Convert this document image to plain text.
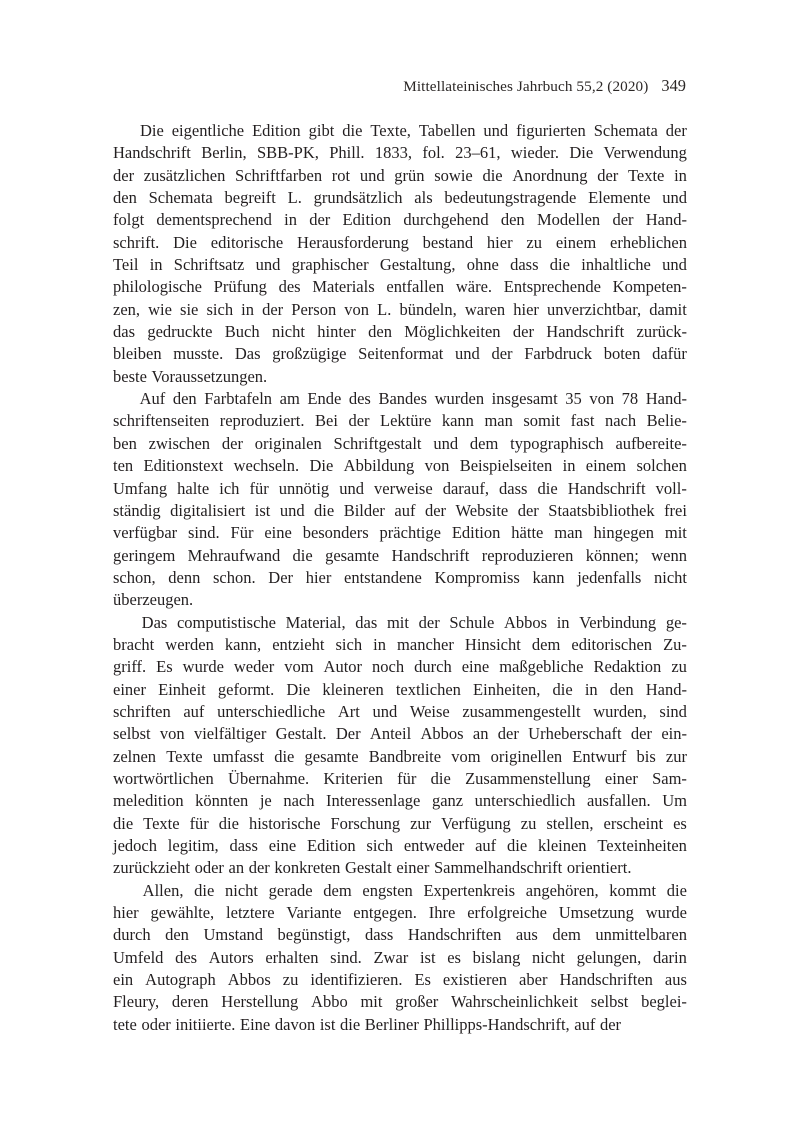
Mittellateinisches Jahrbuch 55,2 (2020) 349

Die eigentliche Edition gibt die Texte, Tabellen und figurierten Schemata der
Handschrift Berlin, SBB-PK, Phill. 1833, fol. 23–61, wieder. Die Verwendung
der zusätzlichen Schriftfarben rot und grün sowie die Anordnung der Texte in
den Schemata begreift L. grundsätzlich als bedeutungstragende Elemente und
folgt dementsprechend in der Edition durchgehend den Modellen der Hand-
schrift. Die editorische Herausforderung bestand hier zu einem erheblichen
Teil in Schriftsatz und graphischer Gestaltung, ohne dass die inhaltliche und
philologische Prüfung des Materials entfallen wäre. Entsprechende Kompeten-
zen, wie sie sich in der Person von L. bündeln, waren hier unverzichtbar, damit
das gedruckte Buch nicht hinter den Möglichkeiten der Handschrift zurück-
bleiben musste. Das großzügige Seitenformat und der Farbdruck boten dafür
beste Voraussetzungen.

Auf den Farbtafeln am Ende des Bandes wurden insgesamt 35 von 78 Hand-
schriftenseiten reproduziert. Bei der Lektüre kann man somit fast nach Belie-
ben zwischen der originalen Schriftgestalt und dem typographisch aufbereite-
ten Editionstext wechseln. Die Abbildung von Beispielseiten in einem solchen
Umfang halte ich für unnötig und verweise darauf, dass die Handschrift voll-
ständig digitalisiert ist und die Bilder auf der Website der Staatsbibliothek frei
verfügbar sind. Für eine besonders prächtige Edition hätte man hingegen mit
geringem Mehraufwand die gesamte Handschrift reproduzieren können; wenn
schon, denn schon. Der hier entstandene Kompromiss kann jedenfalls nicht
überzeugen.

Das computistische Material, das mit der Schule Abbos in Verbindung ge-
bracht werden kann, entzieht sich in mancher Hinsicht dem editorischen Zu-
griff. Es wurde weder vom Autor noch durch eine maßgebliche Redaktion zu
einer Einheit geformt. Die kleineren textlichen Einheiten, die in den Hand-
schriften auf unterschiedliche Art und Weise zusammengestellt wurden, sind
selbst von vielfältiger Gestalt. Der Anteil Abbos an der Urheberschaft der ein-
zelnen Texte umfasst die gesamte Bandbreite vom originellen Entwurf bis zur
wortwörtlichen Übernahme. Kriterien für die Zusammenstellung einer Sam-
meledition könnten je nach Interessenlage ganz unterschiedlich ausfallen. Um
die Texte für die historische Forschung zur Verfügung zu stellen, erscheint es
jedoch legitim, dass eine Edition sich entweder auf die kleinen Texteinheiten
zurückzieht oder an der konkreten Gestalt einer Sammelhandschrift orientiert.

Allen, die nicht gerade dem engsten Expertenkreis angehören, kommt die
hier gewählte, letztere Variante entgegen. Ihre erfolgreiche Umsetzung wurde
durch den Umstand begünstigt, dass Handschriften aus dem unmittelbaren
Umfeld des Autors erhalten sind. Zwar ist es bislang nicht gelungen, darin
ein Autograph Abbos zu identifizieren. Es existieren aber Handschriften aus
Fleury, deren Herstellung Abbo mit großer Wahrscheinlichkeit selbst beglei-
tete oder initiierte. Eine davon ist die Berliner Phillipps-Handschrift, auf der
